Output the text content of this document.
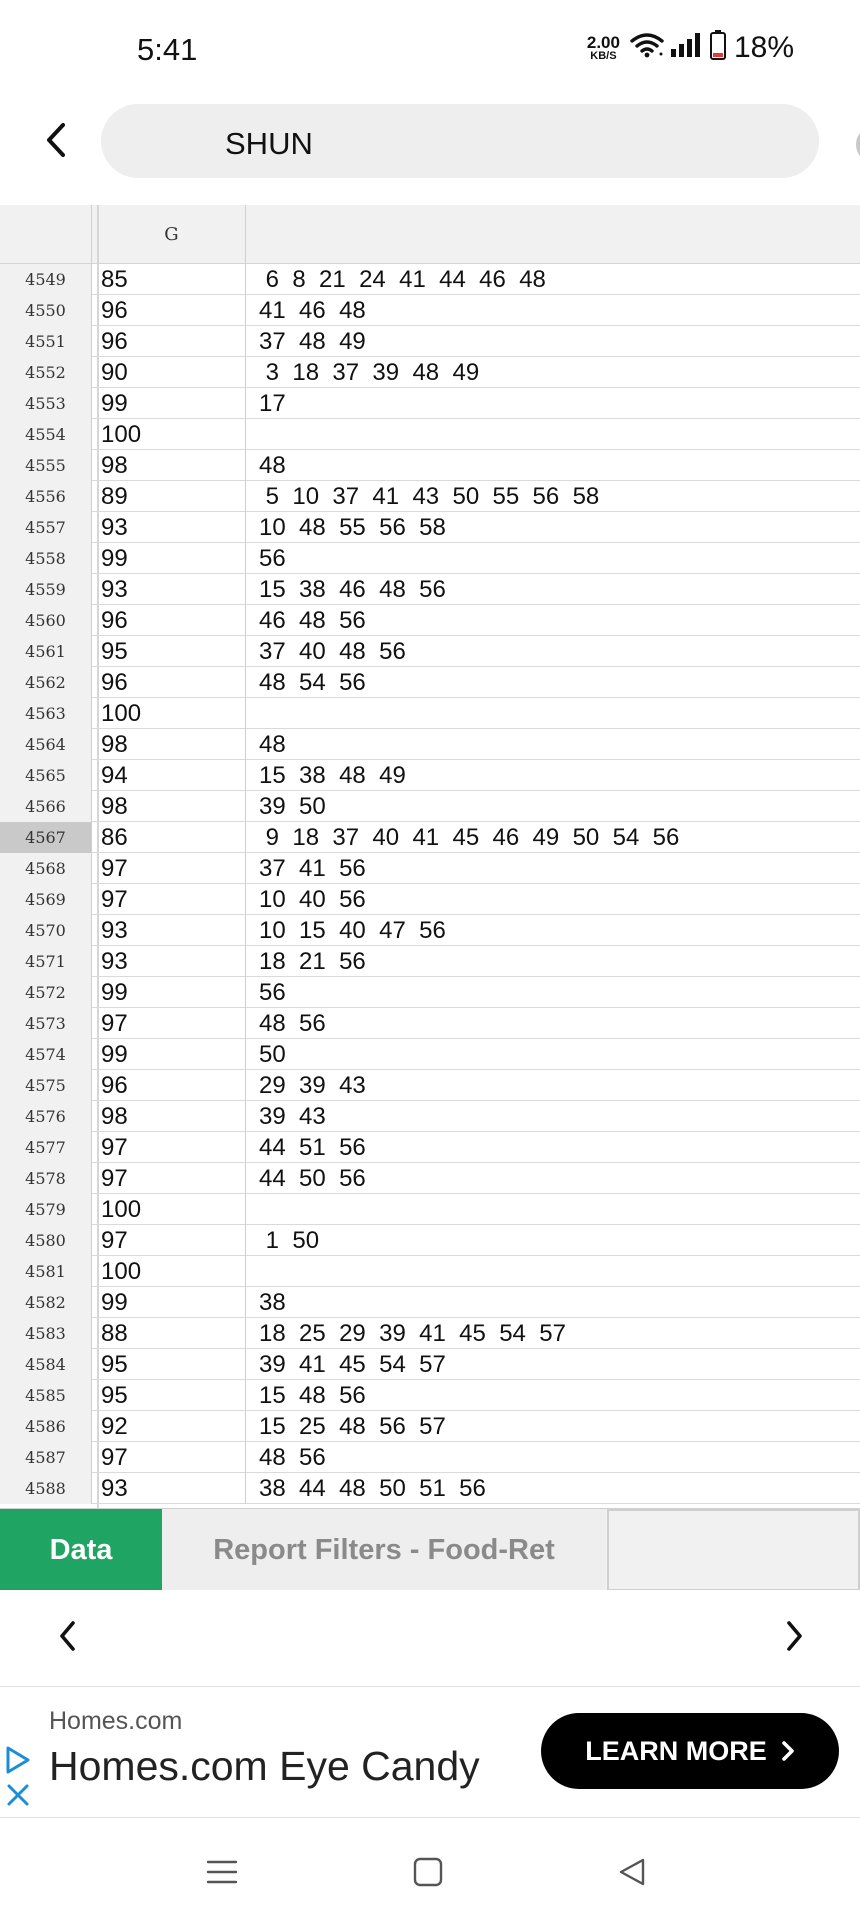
5:41	2.00
KB/S	18%
SHUN
G
4549	85	6  8  21  24  41  44  46  48
4550	96	41  46  48
4551	96	37  48  49
4552	90	3  18  37  39  48  49
4553	99	17
4554	100
4555	98	48
4556	89	5  10  37  41  43  50  55  56  58
4557	93	10  48  55  56  58
4558	99	56
4559	93	15  38  46  48  56
4560	96	46  48  56
4561	95	37  40  48  56
4562	96	48  54  56
4563	100
4564	98	48
4565	94	15  38  48  49
4566	98	39  50
4567	86	9  18  37  40  41  45  46  49  50  54  56
4568	97	37  41  56
4569	97	10  40  56
4570	93	10  15  40  47  56
4571	93	18  21  56
4572	99	56
4573	97	48  56
4574	99	50
4575	96	29  39  43
4576	98	39  43
4577	97	44  51  56
4578	97	44  50  56
4579	100
4580	97	1  50
4581	100
4582	99	38
4583	88	18  25  29  39  41  45  54  57
4584	95	39  41  45  54  57
4585	95	15  48  56
4586	92	15  25  48  56  57
4587	97	48  56
4588	93	38  44  48  50  51  56
Data	Report Filters - Food-Ret
Homes.com
Homes.com Eye Candy	LEARN MORE
